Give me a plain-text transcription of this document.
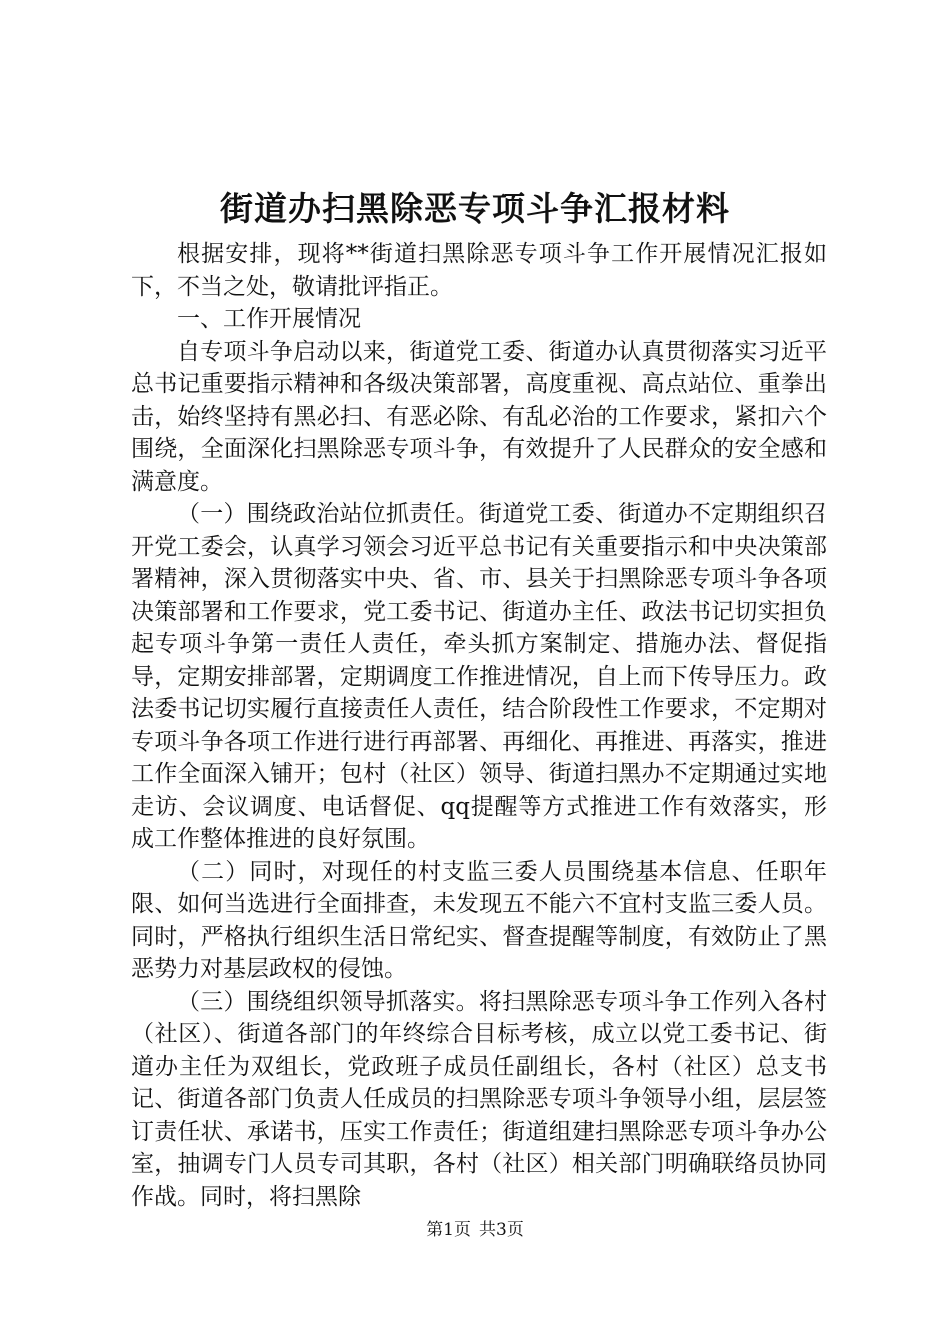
街道办扫黑除恶专项斗争汇报材料

根据安排，现将**街道扫黑除恶专项斗争工作开展情况汇报如下，不当之处，敬请批评指正。

一、工作开展情况

自专项斗争启动以来，街道党工委、街道办认真贯彻落实习近平总书记重要指示精神和各级决策部署，高度重视、高点站位、重拳出击，始终坚持有黑必扫、有恶必除、有乱必治的工作要求，紧扣六个围绕，全面深化扫黑除恶专项斗争，有效提升了人民群众的安全感和满意度。

（一）围绕政治站位抓责任。街道党工委、街道办不定期组织召开党工委会，认真学习领会习近平总书记有关重要指示和中央决策部署精神，深入贯彻落实中央、省、市、县关于扫黑除恶专项斗争各项决策部署和工作要求，党工委书记、街道办主任、政法书记切实担负起专项斗争第一责任人责任，牵头抓方案制定、措施办法、督促指导，定期安排部署，定期调度工作推进情况，自上而下传导压力。政法委书记切实履行直接责任人责任，结合阶段性工作要求，不定期对专项斗争各项工作进行进行再部署、再细化、再推进、再落实，推进工作全面深入铺开；包村（社区）领导、街道扫黑办不定期通过实地走访、会议调度、电话督促、qq提醒等方式推进工作有效落实，形成工作整体推进的良好氛围。

（二）同时，对现任的村支监三委人员围绕基本信息、任职年限、如何当选进行全面排查，未发现五不能六不宜村支监三委人员。同时，严格执行组织生活日常纪实、督查提醒等制度，有效防止了黑恶势力对基层政权的侵蚀。

（三）围绕组织领导抓落实。将扫黑除恶专项斗争工作列入各村（社区）、街道各部门的年终综合目标考核，成立以党工委书记、街道办主任为双组长，党政班子成员任副组长，各村（社区）总支书记、街道各部门负责人任成员的扫黑除恶专项斗争领导小组，层层签订责任状、承诺书，压实工作责任；街道组建扫黑除恶专项斗争办公室，抽调专门人员专司其职，各村（社区）相关部门明确联络员协同作战。同时，将扫黑除

第1页 共3页
